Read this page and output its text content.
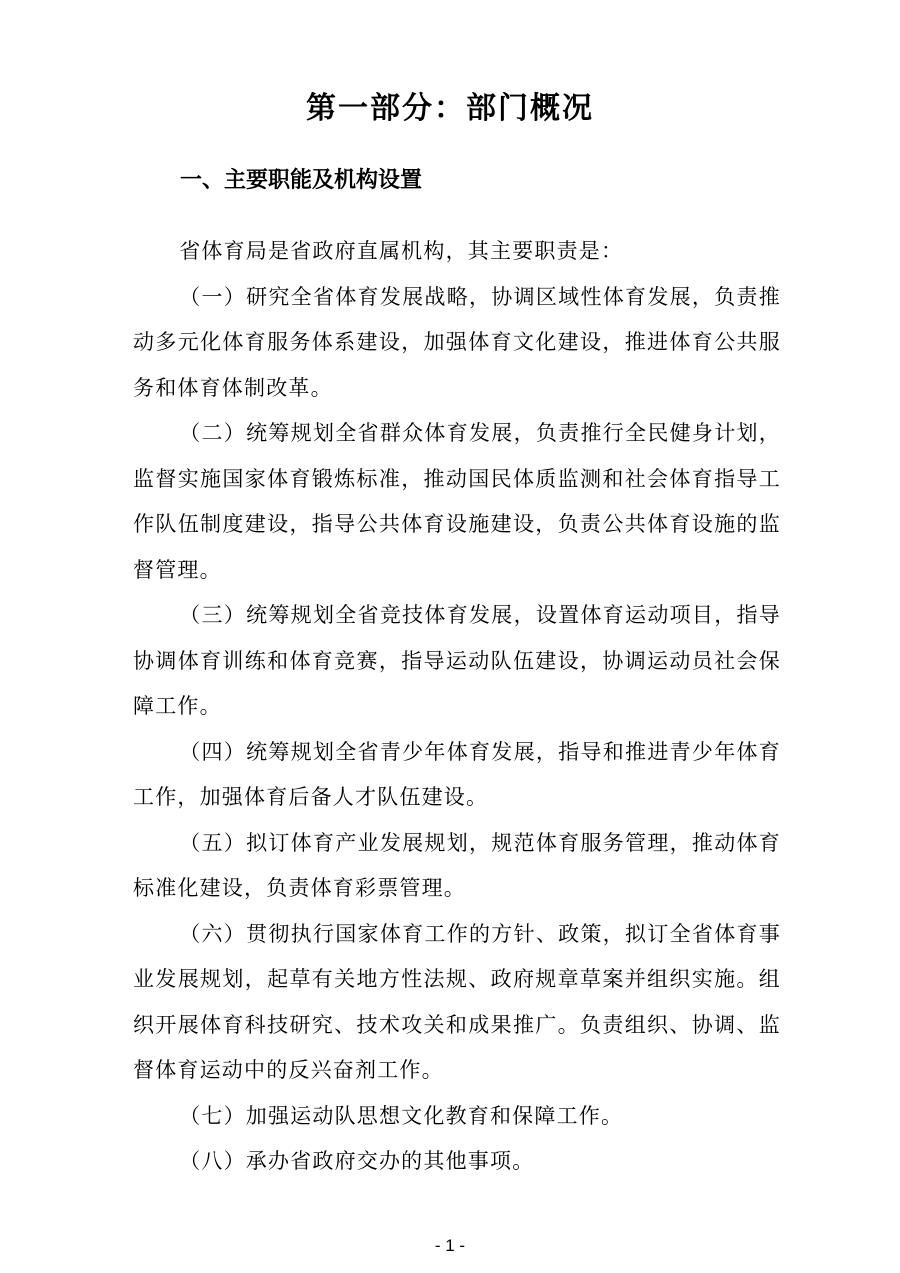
第一部分：部门概况
一、主要职能及机构设置

省体育局是省政府直属机构，其主要职责是：

（一）研究全省体育发展战略，协调区域性体育发展，负责推动多元化体育服务体系建设，加强体育文化建设，推进体育公共服务和体育体制改革。

（二）统筹规划全省群众体育发展，负责推行全民健身计划，监督实施国家体育锻炼标准，推动国民体质监测和社会体育指导工作队伍制度建设，指导公共体育设施建设，负责公共体育设施的监督管理。

（三）统筹规划全省竞技体育发展，设置体育运动项目，指导协调体育训练和体育竞赛，指导运动队伍建设，协调运动员社会保障工作。

（四）统筹规划全省青少年体育发展，指导和推进青少年体育工作，加强体育后备人才队伍建设。

（五）拟订体育产业发展规划，规范体育服务管理，推动体育标准化建设，负责体育彩票管理。

（六）贯彻执行国家体育工作的方针、政策，拟订全省体育事业发展规划，起草有关地方性法规、政府规章草案并组织实施。组织开展体育科技研究、技术攻关和成果推广。负责组织、协调、监督体育运动中的反兴奋剂工作。

（七）加强运动队思想文化教育和保障工作。

（八）承办省政府交办的其他事项。

- 1 -
